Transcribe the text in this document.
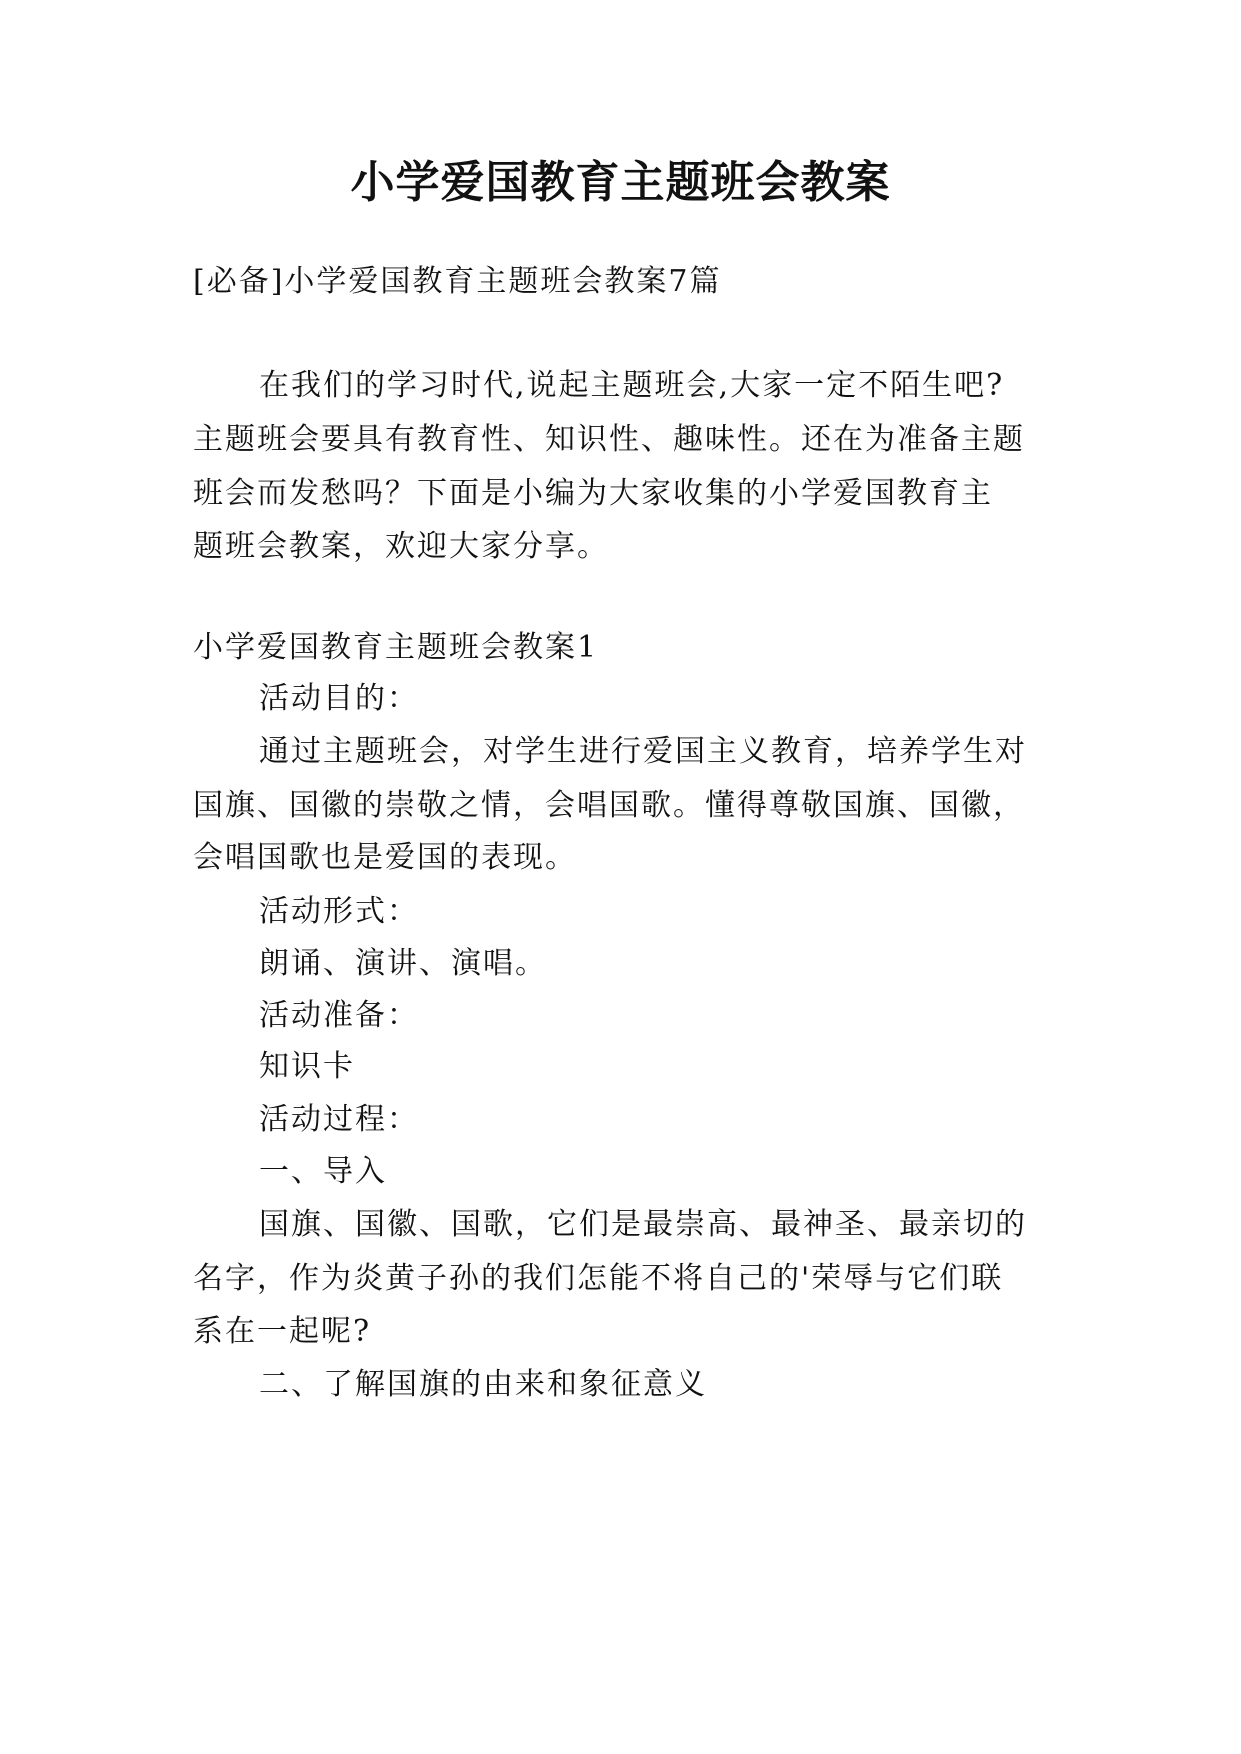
小学爱国教育主题班会教案
[必备]小学爱国教育主题班会教案7篇
在我们的学习时代,说起主题班会,大家一定不陌生吧?
主题班会要具有教育性、知识性、趣味性。还在为准备主题
班会而发愁吗？下面是小编为大家收集的小学爱国教育主
题班会教案，欢迎大家分享。
小学爱国教育主题班会教案1
活动目的：
通过主题班会，对学生进行爱国主义教育，培养学生对
国旗、国徽的崇敬之情，会唱国歌。懂得尊敬国旗、国徽，
会唱国歌也是爱国的表现。
活动形式：
朗诵、演讲、演唱。
活动准备：
知识卡
活动过程：
一、导入
国旗、国徽、国歌，它们是最崇高、最神圣、最亲切的
名字，作为炎黄子孙的我们怎能不将自己的'荣辱与它们联
系在一起呢?
二、了解国旗的由来和象征意义
